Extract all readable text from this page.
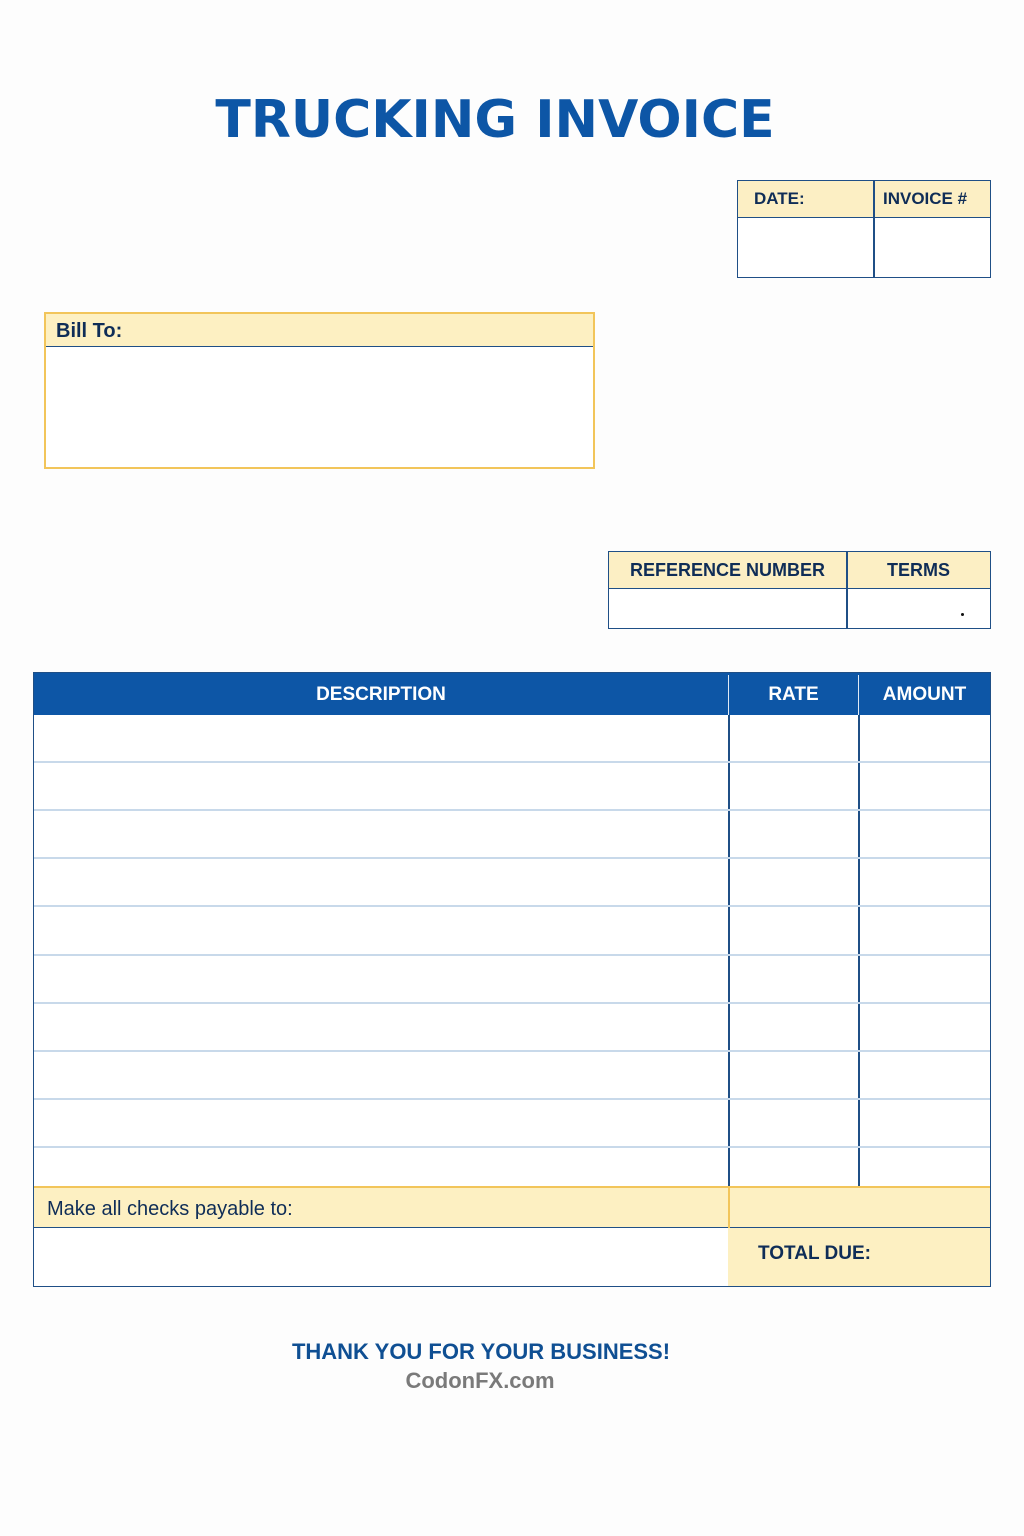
TRUCKING INVOICE
DATE:	INVOICE #
Bill To:
REFERENCE NUMBER	TERMS
DESCRIPTION	RATE	AMOUNT
Make all checks payable to:
TOTAL DUE:
THANK YOU FOR YOUR BUSINESS!
CodonFX.com
